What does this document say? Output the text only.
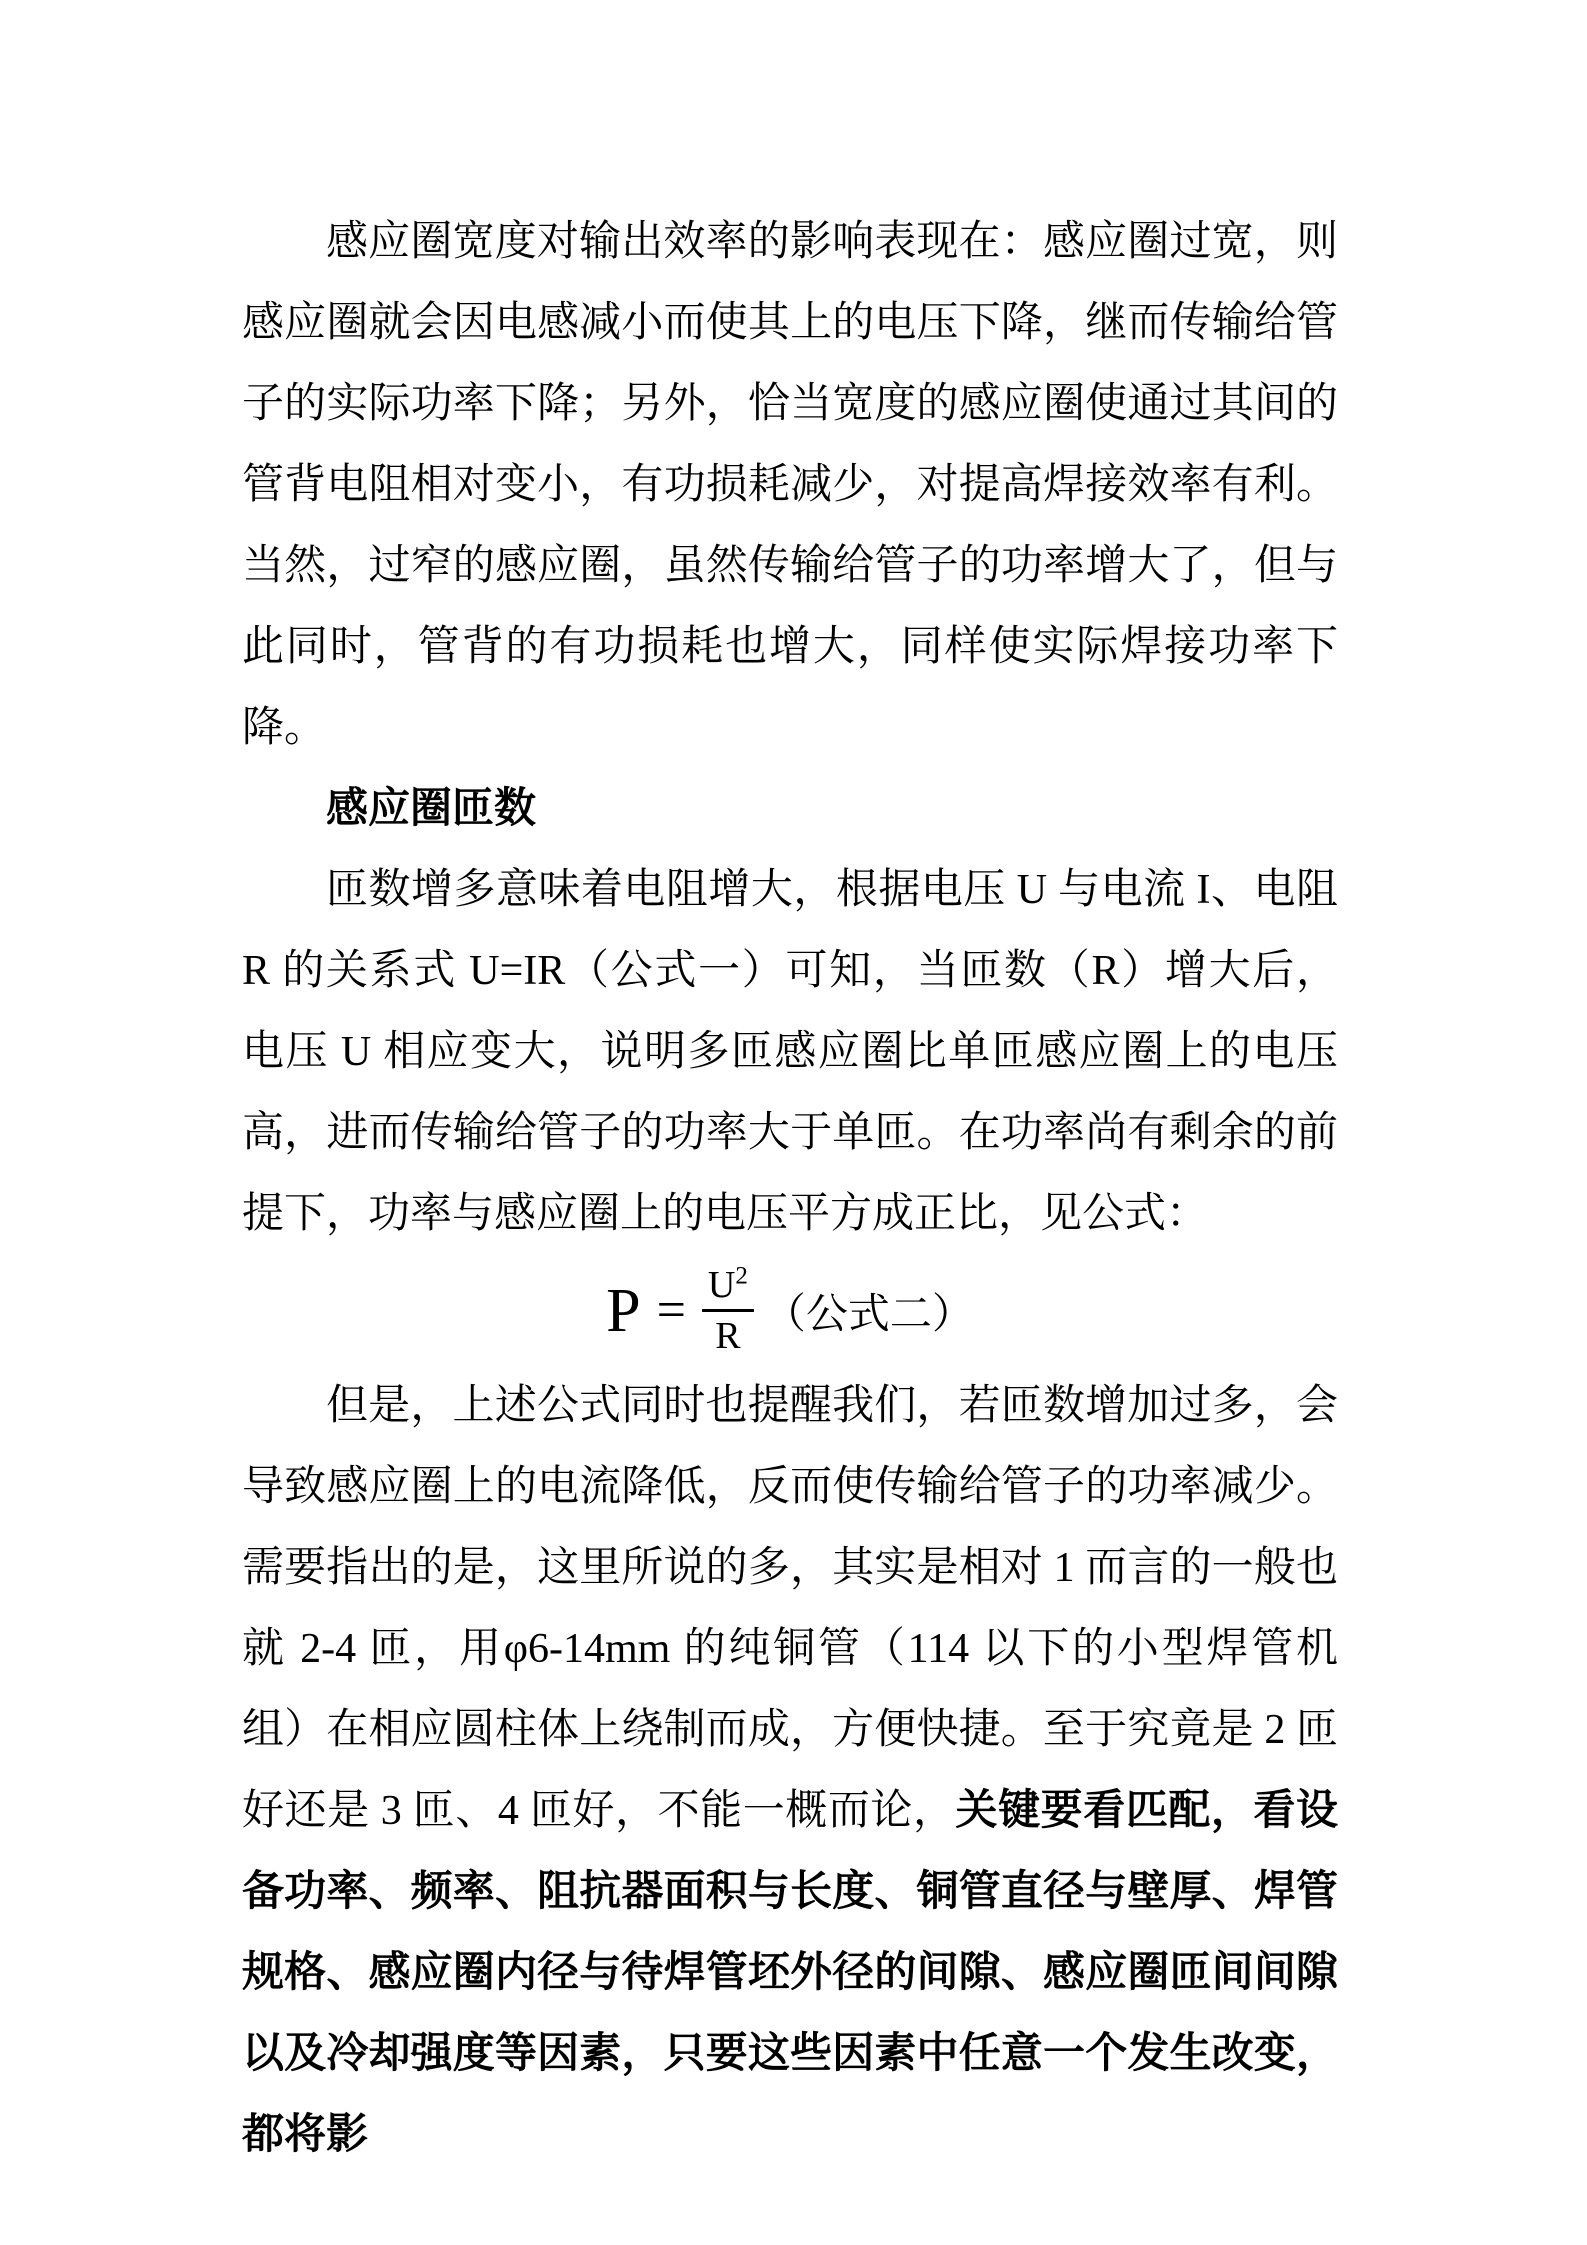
感应圈宽度对输出效率的影响表现在：感应圈过宽，则感应圈就会因电感减小而使其上的电压下降，继而传输给管子的实际功率下降；另外，恰当宽度的感应圈使通过其间的管背电阻相对变小，有功损耗减少，对提高焊接效率有利。当然，过窄的感应圈，虽然传输给管子的功率增大了，但与此同时，管背的有功损耗也增大，同样使实际焊接功率下降。

感应圈匝数

匝数增多意味着电阻增大，根据电压 U 与电流 I、电阻 R 的关系式 U=IR（公式一）可知，当匝数（R）增大后，电压 U 相应变大，说明多匝感应圈比单匝感应圈上的电压高，进而传输给管子的功率大于单匝。在功率尚有剩余的前提下，功率与感应圈上的电压平方成正比，见公式：

$P = \frac{U^2}{R}$ （公式二）

但是，上述公式同时也提醒我们，若匝数增加过多，会导致感应圈上的电流降低，反而使传输给管子的功率减少。需要指出的是，这里所说的多，其实是相对 1 而言的一般也就 2-4 匝，用φ6-14mm 的纯铜管（114 以下的小型焊管机组）在相应圆柱体上绕制而成，方便快捷。至于究竟是 2 匝好还是 3 匝、4 匝好，不能一概而论，关键要看匹配，看设备功率、频率、阻抗器面积与长度、铜管直径与壁厚、焊管规格、感应圈内径与待焊管坯外径的间隙、感应圈匝间间隙以及冷却强度等因素，只要这些因素中任意一个发生改变，都将影
